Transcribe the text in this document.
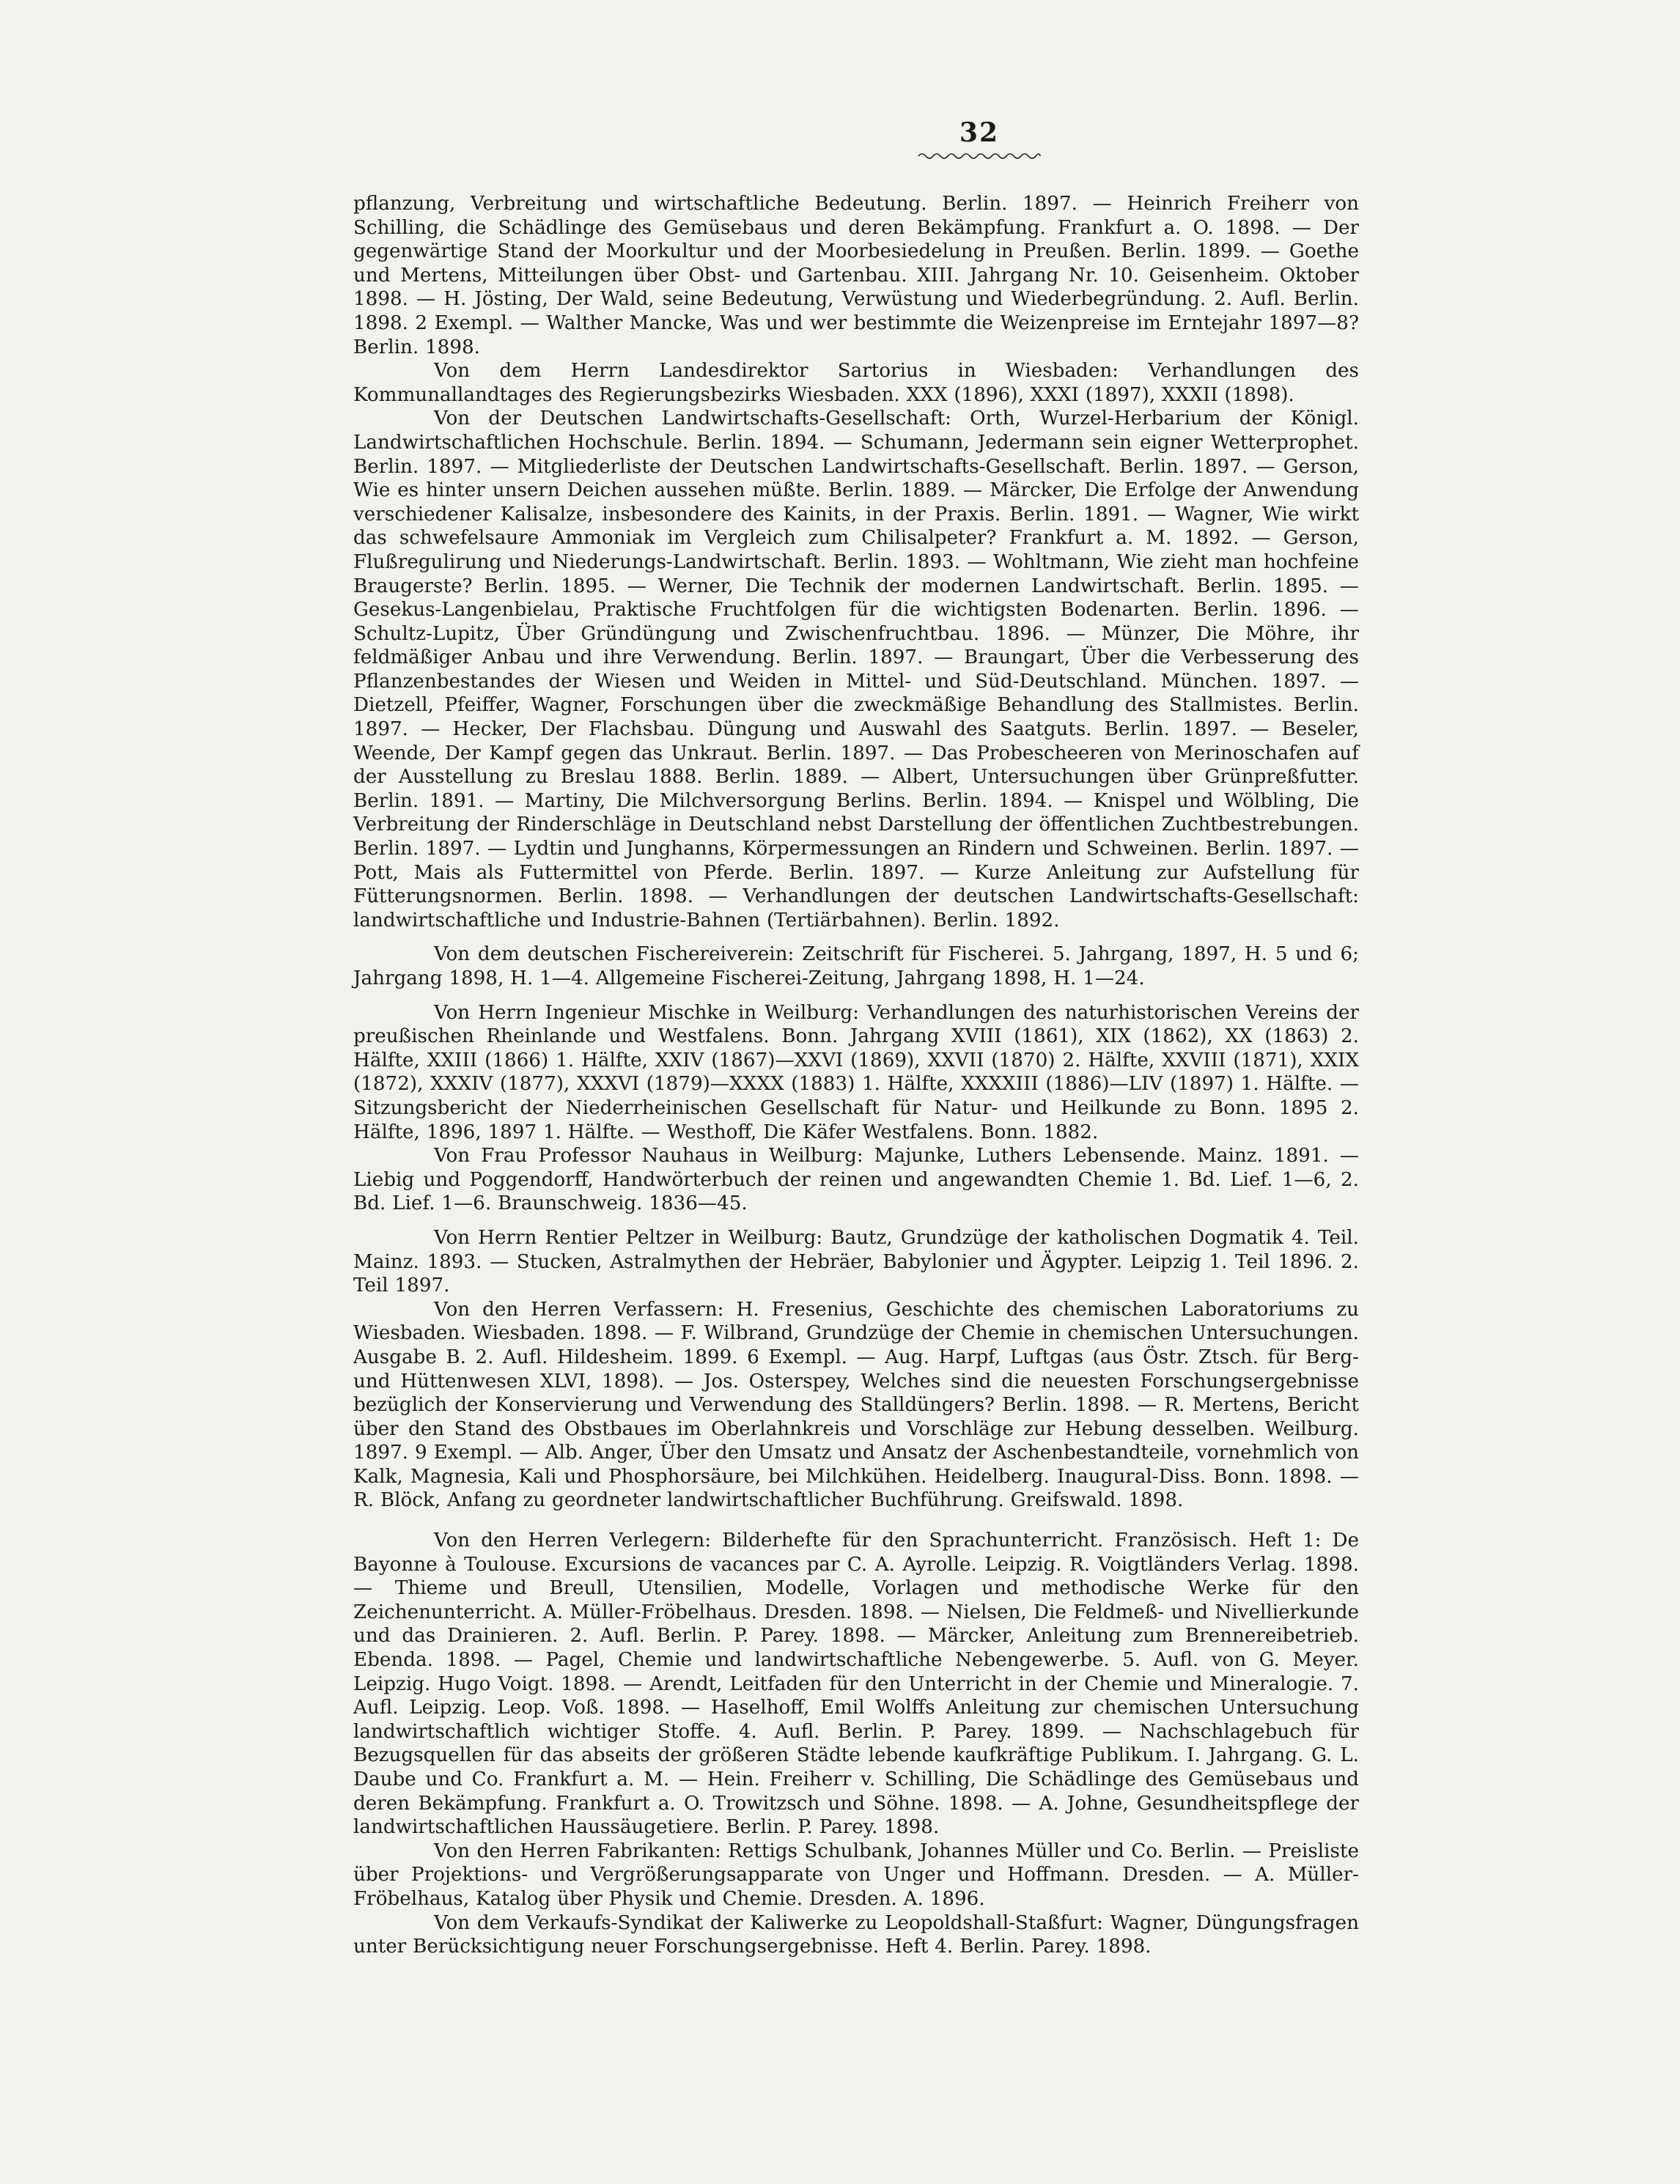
32

pflanzung, Verbreitung und wirtschaftliche Bedeutung. Berlin. 1897. — Heinrich Freiherr von Schilling, die Schädlinge des Gemüsebaus und deren Bekämpfung. Frankfurt a. O. 1898. — Der gegenwärtige Stand der Moorkultur und der Moorbesiedelung in Preußen. Berlin. 1899. — Goethe und Mertens, Mitteilungen über Obst- und Gartenbau. XIII. Jahrgang Nr. 10. Geisenheim. Oktober 1898. — H. Jösting, Der Wald, seine Bedeutung, Verwüstung und Wiederbegründung. 2. Aufl. Berlin. 1898. 2 Exempl. — Walther Mancke, Was und wer bestimmte die Weizenpreise im Erntejahr 1897—8? Berlin. 1898.

Von dem Herrn Landesdirektor Sartorius in Wiesbaden: Verhandlungen des Kommunallandtages des Regierungsbezirks Wiesbaden. XXX (1896), XXXI (1897), XXXII (1898).

Von der Deutschen Landwirtschafts-Gesellschaft: Orth, Wurzel-Herbarium der Königl. Landwirtschaftlichen Hochschule. Berlin. 1894. — Schumann, Jedermann sein eigner Wetterprophet. Berlin. 1897. — Mitgliederliste der Deutschen Landwirtschafts-Gesellschaft. Berlin. 1897. — Gerson, Wie es hinter unsern Deichen aussehen müßte. Berlin. 1889. — Märcker, Die Erfolge der Anwendung verschiedener Kalisalze, insbesondere des Kainits, in der Praxis. Berlin. 1891. — Wagner, Wie wirkt das schwefelsaure Ammoniak im Vergleich zum Chilisalpeter? Frankfurt a. M. 1892. — Gerson, Flußregulirung und Niederungs-Landwirtschaft. Berlin. 1893. — Wohltmann, Wie zieht man hochfeine Braugerste? Berlin. 1895. — Werner, Die Technik der modernen Landwirtschaft. Berlin. 1895. — Gesekus-Langenbielau, Praktische Fruchtfolgen für die wichtigsten Bodenarten. Berlin. 1896. — Schultz-Lupitz, Über Gründüngung und Zwischenfruchtbau. 1896. — Münzer, Die Möhre, ihr feldmäßiger Anbau und ihre Verwendung. Berlin. 1897. — Braungart, Über die Verbesserung des Pflanzenbestandes der Wiesen und Weiden in Mittel- und Süd-Deutschland. München. 1897. — Dietzell, Pfeiffer, Wagner, Forschungen über die zweckmäßige Behandlung des Stallmistes. Berlin. 1897. — Hecker, Der Flachsbau. Düngung und Auswahl des Saatguts. Berlin. 1897. — Beseler, Weende, Der Kampf gegen das Unkraut. Berlin. 1897. — Das Probescheeren von Merinoschafen auf der Ausstellung zu Breslau 1888. Berlin. 1889. — Albert, Untersuchungen über Grünpreßfutter. Berlin. 1891. — Martiny, Die Milchversorgung Berlins. Berlin. 1894. — Knispel und Wölbling, Die Verbreitung der Rinderschläge in Deutschland nebst Darstellung der öffentlichen Zuchtbestrebungen. Berlin. 1897. — Lydtin und Junghanns, Körpermessungen an Rindern und Schweinen. Berlin. 1897. — Pott, Mais als Futtermittel von Pferde. Berlin. 1897. — Kurze Anleitung zur Aufstellung für Fütterungsnormen. Berlin. 1898. — Verhandlungen der deutschen Landwirtschafts-Gesellschaft: landwirtschaftliche und Industrie-Bahnen (Tertiärbahnen). Berlin. 1892.

Von dem deutschen Fischereiverein: Zeitschrift für Fischerei. 5. Jahrgang, 1897, H. 5 und 6; Jahrgang 1898, H. 1—4. Allgemeine Fischerei-Zeitung, Jahrgang 1898, H. 1—24.

Von Herrn Ingenieur Mischke in Weilburg: Verhandlungen des naturhistorischen Vereins der preußischen Rheinlande und Westfalens. Bonn. Jahrgang XVIII (1861), XIX (1862), XX (1863) 2. Hälfte, XXIII (1866) 1. Hälfte, XXIV (1867)—XXVI (1869), XXVII (1870) 2. Hälfte, XXVIII (1871), XXIX (1872), XXXIV (1877), XXXVI (1879)—XXXX (1883) 1. Hälfte, XXXXIII (1886)—LIV (1897) 1. Hälfte. — Sitzungsbericht der Niederrheinischen Gesellschaft für Natur- und Heilkunde zu Bonn. 1895 2. Hälfte, 1896, 1897 1. Hälfte. — Westhoff, Die Käfer Westfalens. Bonn. 1882.

Von Frau Professor Nauhaus in Weilburg: Majunke, Luthers Lebensende. Mainz. 1891. — Liebig und Poggendorff, Handwörterbuch der reinen und angewandten Chemie 1. Bd. Lief. 1—6, 2. Bd. Lief. 1—6. Braunschweig. 1836—45.

Von Herrn Rentier Peltzer in Weilburg: Bautz, Grundzüge der katholischen Dogmatik 4. Teil. Mainz. 1893. — Stucken, Astralmythen der Hebräer, Babylonier und Ägypter. Leipzig 1. Teil 1896. 2. Teil 1897.

Von den Herren Verfassern: H. Fresenius, Geschichte des chemischen Laboratoriums zu Wiesbaden. Wiesbaden. 1898. — F. Wilbrand, Grundzüge der Chemie in chemischen Untersuchungen. Ausgabe B. 2. Aufl. Hildesheim. 1899. 6 Exempl. — Aug. Harpf, Luftgas (aus Östr. Ztsch. für Berg- und Hüttenwesen XLVI, 1898). — Jos. Osterspey, Welches sind die neuesten Forschungsergebnisse bezüglich der Konservierung und Verwendung des Stalldüngers? Berlin. 1898. — R. Mertens, Bericht über den Stand des Obstbaues im Oberlahnkreis und Vorschläge zur Hebung desselben. Weilburg. 1897. 9 Exempl. — Alb. Anger, Über den Umsatz und Ansatz der Aschenbestandteile, vornehmlich von Kalk, Magnesia, Kali und Phosphorsäure, bei Milchkühen. Heidelberg. Inaugural-Diss. Bonn. 1898. — R. Blöck, Anfang zu geordneter landwirtschaftlicher Buchführung. Greifswald. 1898.

Von den Herren Verlegern: Bilderhefte für den Sprachunterricht. Französisch. Heft 1: De Bayonne à Toulouse. Excursions de vacances par C. A. Ayrolle. Leipzig. R. Voigtländers Verlag. 1898. — Thieme und Breull, Utensilien, Modelle, Vorlagen und methodische Werke für den Zeichenunterricht. A. Müller-Fröbelhaus. Dresden. 1898. — Nielsen, Die Feldmeß- und Nivellierkunde und das Drainieren. 2. Aufl. Berlin. P. Parey. 1898. — Märcker, Anleitung zum Brennereibetrieb. Ebenda. 1898. — Pagel, Chemie und landwirtschaftliche Nebengewerbe. 5. Aufl. von G. Meyer. Leipzig. Hugo Voigt. 1898. — Arendt, Leitfaden für den Unterricht in der Chemie und Mineralogie. 7. Aufl. Leipzig. Leop. Voß. 1898. — Haselhoff, Emil Wolffs Anleitung zur chemischen Untersuchung landwirtschaftlich wichtiger Stoffe. 4. Aufl. Berlin. P. Parey. 1899. — Nachschlagebuch für Bezugsquellen für das abseits der größeren Städte lebende kaufkräftige Publikum. I. Jahrgang. G. L. Daube und Co. Frankfurt a. M. — Hein. Freiherr v. Schilling, Die Schädlinge des Gemüsebaus und deren Bekämpfung. Frankfurt a. O. Trowitzsch und Söhne. 1898. — A. Johne, Gesundheitspflege der landwirtschaftlichen Haussäugetiere. Berlin. P. Parey. 1898.

Von den Herren Fabrikanten: Rettigs Schulbank, Johannes Müller und Co. Berlin. — Preisliste über Projektions- und Vergrößerungsapparate von Unger und Hoffmann. Dresden. — A. Müller-Fröbelhaus, Katalog über Physik und Chemie. Dresden. A. 1896.

Von dem Verkaufs-Syndikat der Kaliwerke zu Leopoldshall-Staßfurt: Wagner, Düngungsfragen unter Berücksichtigung neuer Forschungsergebnisse. Heft 4. Berlin. Parey. 1898.
